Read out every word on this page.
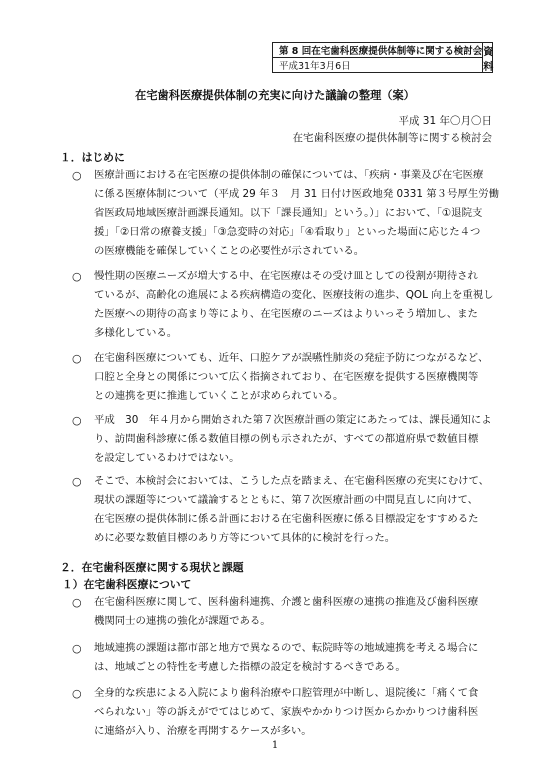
第 8 回在宅歯科医療提供体制等に関する検討会
平成31年3月6日
資料
在宅歯科医療提供体制の充実に向けた議論の整理（案）
平成 31 年〇月〇日
在宅歯科医療の提供体制等に関する検討会
１．はじめに
○ 医療計画における在宅医療の提供体制の確保については、「疾病・事業及び在宅医療
に係る医療体制について（平成 29 年３　月 31 日付け医政地発 0331 第３号厚生労働
省医政局地域医療計画課長通知。以下「課長通知」という。）」において、「①退院支
援」「②日常の療養支援」「③急変時の対応」「④看取り」といった場面に応じた４つ
の医療機能を確保していくことの必要性が示されている。
○ 慢性期の医療ニーズが増大する中、在宅医療はその受け皿としての役割が期待され
ているが、高齢化の進展による疾病構造の変化、医療技術の進歩、QOL 向上を重視し
た医療への期待の高まり等により、在宅医療のニーズはよりいっそう増加し、また
多様化している。
○ 在宅歯科医療についても、近年、口腔ケアが誤嚥性肺炎の発症予防につながるなど、
口腔と全身との関係について広く指摘されており、在宅医療を提供する医療機関等
との連携を更に推進していくことが求められている。
○ 平成　30　年４月から開始された第７次医療計画の策定にあたっては、課長通知によ
り、訪問歯科診療に係る数値目標の例も示されたが、すべての都道府県で数値目標
を設定しているわけではない。
○ そこで、本検討会においては、こうした点を踏まえ、在宅歯科医療の充実にむけて、
現状の課題等について議論するとともに、第７次医療計画の中間見直しに向けて、
在宅医療の提供体制に係る計画における在宅歯科医療に係る目標設定をすすめるた
めに必要な数値目標のあり方等について具体的に検討を行った。
２．在宅歯科医療に関する現状と課題
１）在宅歯科医療について
○ 在宅歯科医療に関して、医科歯科連携、介護と歯科医療の連携の推進及び歯科医療
機関同士の連携の強化が課題である。
○ 地域連携の課題は都市部と地方で異なるので、転院時等の地域連携を考える場合に
は、地域ごとの特性を考慮した指標の設定を検討するべきである。
○ 全身的な疾患による入院により歯科治療や口腔管理が中断し、退院後に「痛くて食
べられない」等の訴えがでてはじめて、家族やかかりつけ医からかかりつけ歯科医
に連絡が入り、治療を再開するケースが多い。
1
